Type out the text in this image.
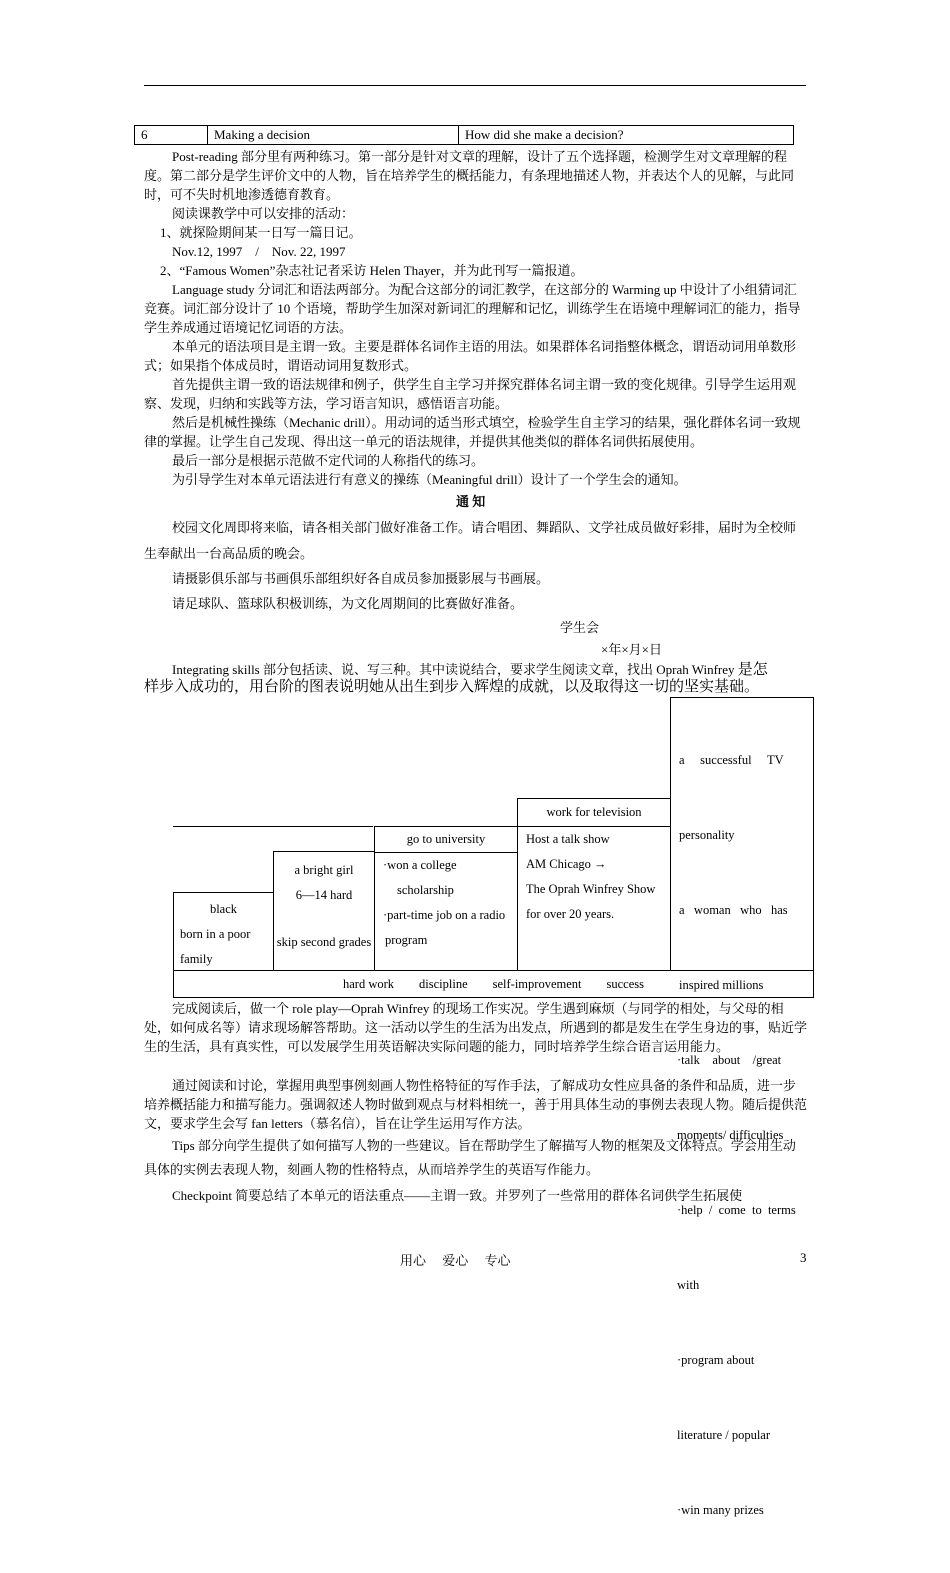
6	Making a decision	How did she make a decision?

Post-reading 部分里有两种练习。第一部分是针对文章的理解，设计了五个选择题，检测学生对文章理解的程度。第二部分是学生评价文中的人物，旨在培养学生的概括能力，有条理地描述人物，并表达个人的见解，与此同时，可不失时机地渗透德育教育。

阅读课教学中可以安排的活动：
1、就探险期间某一日写一篇日记。
Nov.12, 1997　/　Nov. 22, 1997
2、“Famous Women”杂志社记者采访 Helen Thayer，并为此刊写一篇报道。

Language study 分词汇和语法两部分。为配合这部分的词汇教学，在这部分的 Warming up 中设计了小组猜词汇竞赛。词汇部分设计了 10 个语境，帮助学生加深对新词汇的理解和记忆，训练学生在语境中理解词汇的能力，指导学生养成通过语境记忆词语的方法。

本单元的语法项目是主谓一致。主要是群体名词作主语的用法。如果群体名词指整体概念，谓语动词用单数形式；如果指个体成员时，谓语动词用复数形式。

首先提供主谓一致的语法规律和例子，供学生自主学习并探究群体名词主谓一致的变化规律。引导学生运用观察、发现，归纳和实践等方法，学习语言知识，感悟语言功能。

然后是机械性操练（Mechanic drill）。用动词的适当形式填空，检验学生自主学习的结果，强化群体名词一致规律的掌握。让学生自己发现、得出这一单元的语法规律，并提供其他类似的群体名词供拓展使用。

最后一部分是根据示范做不定代词的人称指代的练习。
为引导学生对本单元语法进行有意义的操练（Meaningful drill）设计了一个学生会的通知。
通 知

校园文化周即将来临，请各相关部门做好准备工作。请合唱团、舞蹈队、文学社成员做好彩排，届时为全校师生奉献出一台高品质的晚会。

请摄影俱乐部与书画俱乐部组织好各自成员参加摄影展与书画展。
请足球队、篮球队积极训练，为文化周期间的比赛做好准备。
学生会
×年×月×日
Integrating skills 部分包括读、说、写三种。其中读说结合，要求学生阅读文章，找出 Oprah Winfrey 是怎
样步入成功的，用台阶的图表说明她从出生到步入辉煌的成就，以及取得这一切的坚实基础。
black
born in a poor
family
a bright girl
6—14 hard
skip second grades
go to university
·won a college
scholarship
·part-time job on a radio
program
work for television
Host a talk show
AM Chicago →
The Oprah Winfrey Show
for over 20 years.

a     successful     TV

personality

a   woman   who   has

inspired millions

·talk    about    /great

moments/ difficulties

·help  /  come  to  terms

with

·program about

literature / popular

·win many prizes

hard work　　discipline　　self-improvement　　success

完成阅读后，做一个 role play—Oprah Winfrey 的现场工作实况。学生遇到麻烦（与同学的相处，与父母的相处，如何成名等）请求现场解答帮助。这一活动以学生的生活为出发点，所遇到的都是发生在学生身边的事，贴近学生的生活，具有真实性，可以发展学生用英语解决实际问题的能力，同时培养学生综合语言运用能力。

通过阅读和讨论，掌握用典型事例刻画人物性格特征的写作手法，了解成功女性应具备的条件和品质，进一步培养概括能力和描写能力。强调叙述人物时做到观点与材料相统一，善于用具体生动的事例去表现人物。随后提供范文，要求学生会写 fan letters（慕名信），旨在让学生运用写作方法。

Tips 部分向学生提供了如何描写人物的一些建议。旨在帮助学生了解描写人物的框架及文体特点。学会用生动具体的实例去表现人物，刻画人物的性格特点，从而培养学生的英语写作能力。

Checkpoint 简要总结了本单元的语法重点——主谓一致。并罗列了一些常用的群体名词供学生拓展使
用心　 爱心　 专心	3
